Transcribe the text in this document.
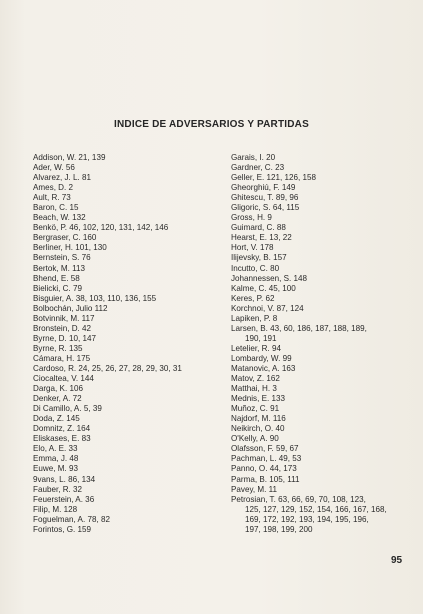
INDICE DE ADVERSARIOS Y PARTIDAS
Addison, W. 21, 139
Ader, W. 56
Alvarez, J. L. 81
Ames, D. 2
Ault, R. 73
Baron, C. 15
Beach, W. 132
Benkö, P. 46, 102, 120, 131, 142, 146
Bergraser, C. 160
Berliner, H. 101, 130
Bernstein, S. 76
Bertok, M. 113
Bhend, E. 58
Bielicki, C. 79
Bisguier, A. 38, 103, 110, 136, 155
Bolbochán, Julio 112
Botvinnik, M. 117
Bronstein, D. 42
Byrne, D. 10, 147
Byrne, R. 135
Cámara, H. 175
Cardoso, R. 24, 25, 26, 27, 28, 29, 30, 31
Ciocaltea, V. 144
Darga, K. 106
Denker, A. 72
Di Camillo, A. 5, 39
Doda, Z. 145
Domnitz, Z. 164
Eliskases, E. 83
Elo, A. E. 33
Emma, J. 48
Euwe, M. 93
9vans, L. 86, 134
Fauber, R. 32
Feuerstein, A. 36
Filip, M. 128
Foguelman, A. 78, 82
Forintos, G. 159
Garais, I. 20
Gardner, C. 23
Geller, E. 121, 126, 158
Gheorghiú, F. 149
Ghitescu, T. 89, 96
Gligoric, S. 64, 115
Gross, H. 9
Guimard, C. 88
Hearst, E. 13, 22
Hort, V. 178
Ilijevsky, B. 157
Incutto, C. 80
Johannessen, S. 148
Kalme, C. 45, 100
Keres, P. 62
Korchnoi, V. 87, 124
Lapiken, P. 8
Larsen, B. 43, 60, 186, 187, 188, 189,
190, 191
Letelier, R. 94
Lombardy, W. 99
Matanovic, A. 163
Matov, Z. 162
Matthai, H. 3
Mednis, E. 133
Muñoz, C. 91
Najdorf, M. 116
Neikirch, O. 40
O'Kelly, A. 90
Olafsson, F. 59, 67
Pachman, L. 49, 53
Panno, O. 44, 173
Parma, B. 105, 111
Pavey, M. 11
Petrosian, T. 63, 66, 69, 70, 108, 123,
125, 127, 129, 152, 154, 166, 167, 168,
169, 172, 192, 193, 194, 195, 196,
197, 198, 199, 200
95
